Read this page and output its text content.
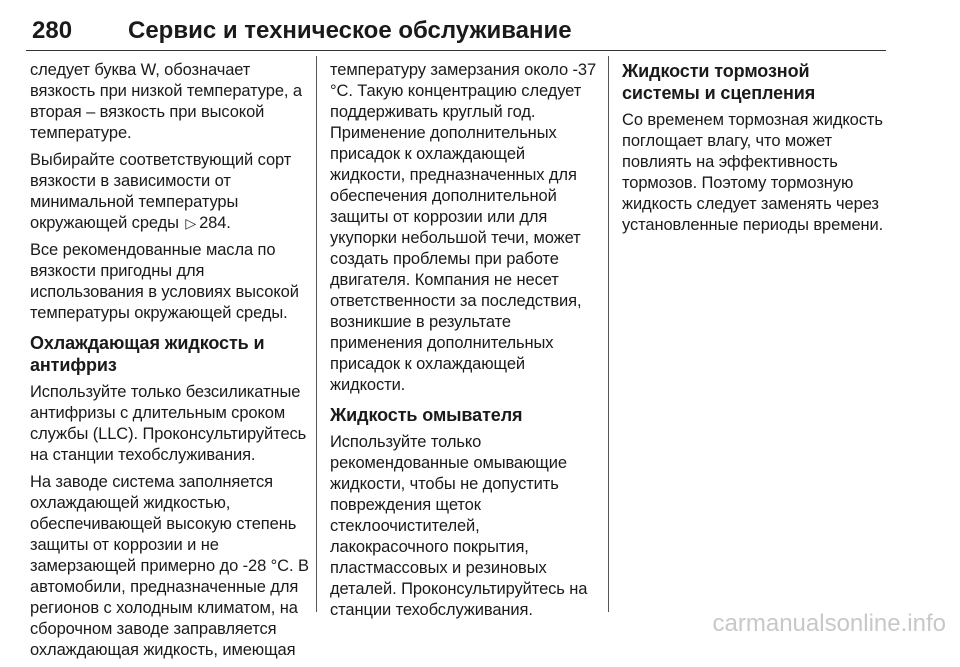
280 Сервис и техническое обслуживание

следует буква W, обозначает вязкость при низкой температуре, а вторая – вязкость при высокой температуре.

Выбирайте соответствующий сорт вязкости в зависимости от минимальной температуры окружающей среды ▷ 284.

Все рекомендованные масла по вязкости пригодны для использования в условиях высокой температуры окружающей среды.

Охлаждающая жидкость и антифриз

Используйте только безсиликатные антифризы с длительным сроком службы (LLC). Проконсультируйтесь на станции техобслуживания.

На заводе система заполняется охлаждающей жидкостью, обеспечивающей высокую степень защиты от коррозии и не замерзающей примерно до -28 °C. В автомобили, предназначенные для регионов с холодным климатом, на сборочном заводе заправляется охлаждающая жидкость, имеющая

температуру замерзания около -37 °C. Такую концентрацию следует поддерживать круглый год. Применение дополнительных присадок к охлаждающей жидкости, предназначенных для обеспечения дополнительной защиты от коррозии или для укупорки небольшой течи, может создать проблемы при работе двигателя. Компания не несет ответственности за последствия, возникшие в результате применения дополнительных присадок к охлаждающей жидкости.

Жидкость омывателя

Используйте только рекомендованные омывающие жидкости, чтобы не допустить повреждения щеток стеклоочистителей, лакокрасочного покрытия, пластмассовых и резиновых деталей. Проконсультируйтесь на станции техобслуживания.

Жидкости тормозной системы и сцепления

Со временем тормозная жидкость поглощает влагу, что может повлиять на эффективность тормозов. Поэтому тормозную жидкость следует заменять через установленные периоды времени.

carmanualsonline.info
